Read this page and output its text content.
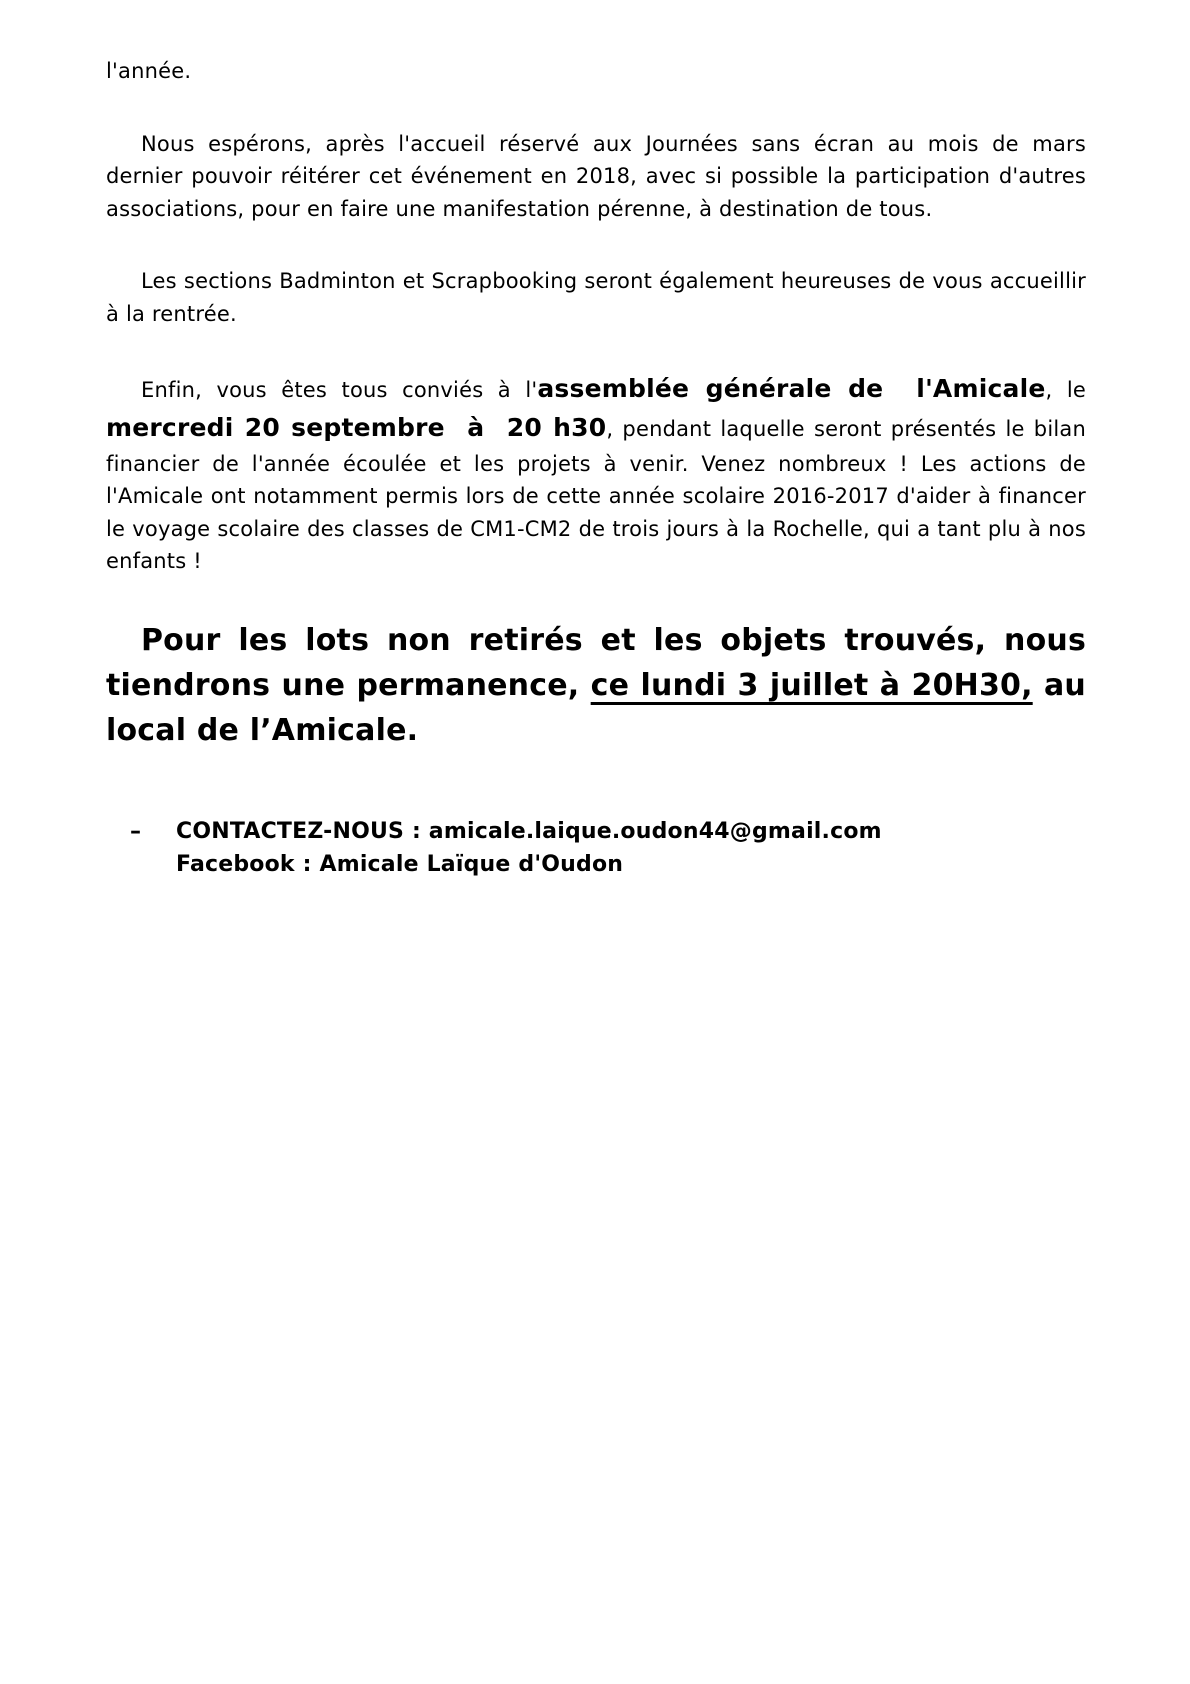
l'année.

Nous espérons, après l'accueil réservé aux Journées sans écran au mois de mars dernier pouvoir réitérer cet événement en 2018, avec si possible la participation d'autres associations, pour en faire une manifestation pérenne, à destination de tous.

Les sections Badminton et Scrapbooking seront également heureuses de vous accueillir à la rentrée.

Enfin, vous êtes tous conviés à l'assemblée générale de  l'Amicale, le mercredi 20 septembre  à  20 h30, pendant laquelle seront présentés le bilan financier de l'année écoulée et les projets à venir. Venez nombreux ! Les actions de l'Amicale ont notamment permis lors de cette année scolaire 2016-2017 d'aider à financer le voyage scolaire des classes de CM1-CM2 de trois jours à la Rochelle, qui a tant plu à nos enfants !

Pour les lots non retirés et les objets trouvés, nous tiendrons une permanence, ce lundi 3 juillet à 20H30, au local de l’Amicale.

–	CONTACTEZ-NOUS : amicale.laique.oudon44@gmail.com
Facebook : Amicale Laïque d'Oudon
